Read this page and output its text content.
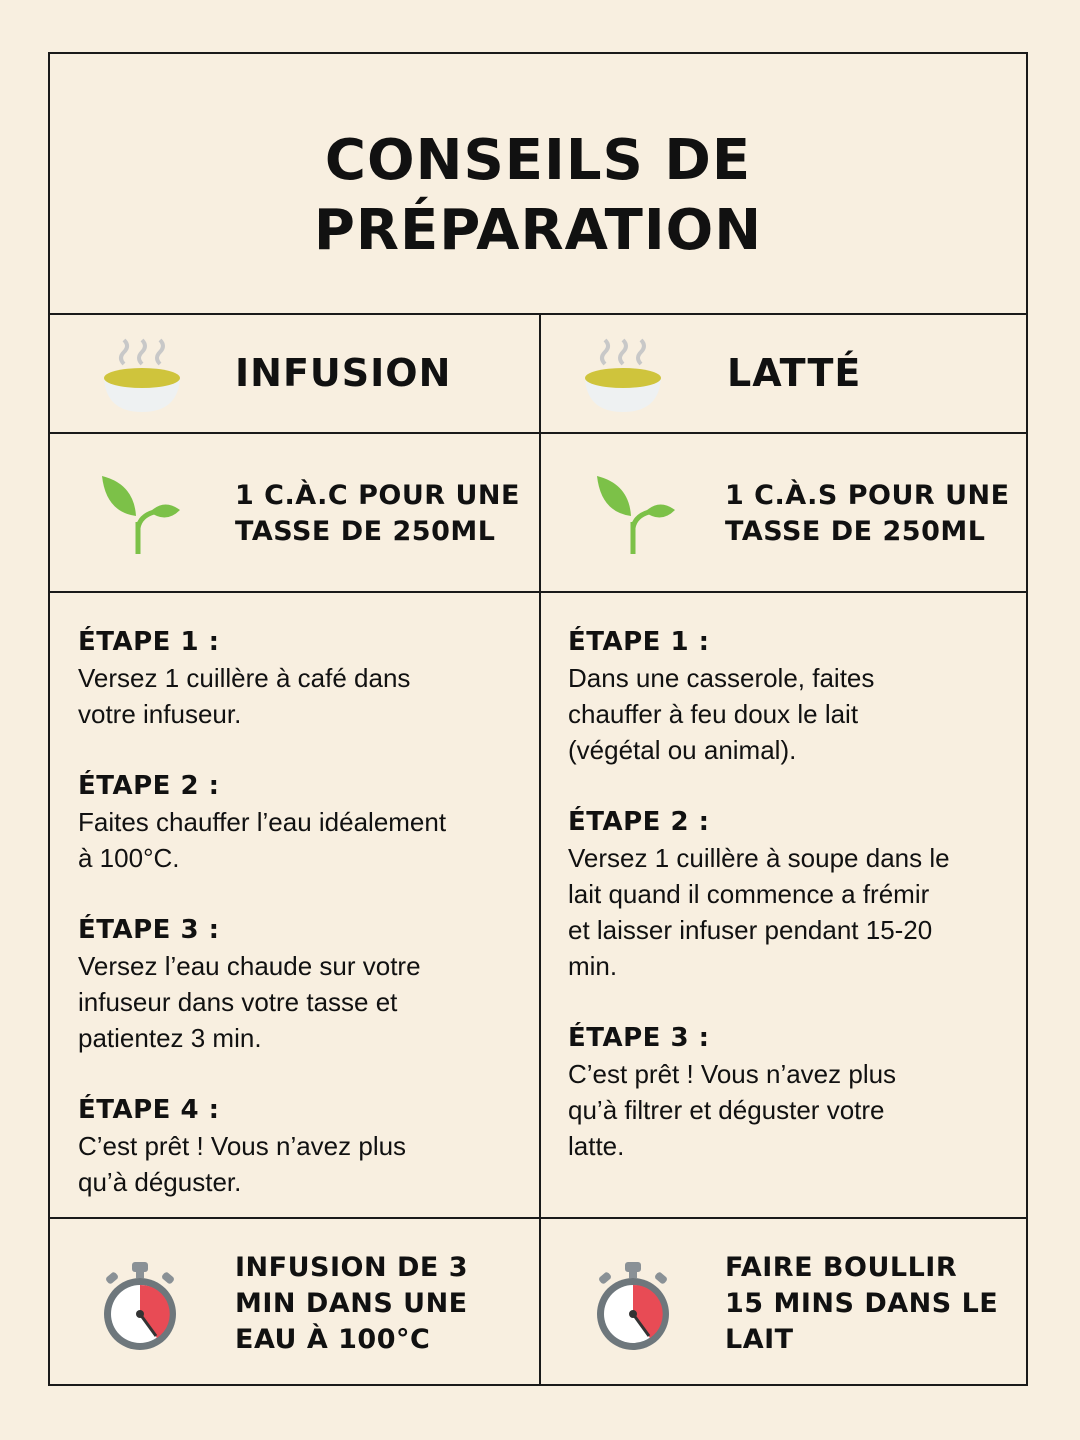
CONSEILS DE
PRÉPARATION
INFUSION
1 C.À.C POUR UNE
TASSE DE 250ML
ÉTAPE 1 :
Versez 1 cuillère à café dans
votre infuseur.
ÉTAPE 2 :
Faites chauffer l’eau idéalement
à 100°C.
ÉTAPE 3 :
Versez l’eau chaude sur votre
infuseur dans votre tasse et
patientez 3 min.
ÉTAPE 4 :
C’est prêt ! Vous n’avez plus
qu’à déguster.
INFUSION DE 3
MIN DANS UNE
EAU À 100°C
LATTÉ
1 C.À.S POUR UNE
TASSE DE 250ML
ÉTAPE 1 :
Dans une casserole, faites
chauffer à feu doux le lait
(végétal ou animal).
ÉTAPE 2 :
Versez 1 cuillère à soupe dans le
lait quand il commence a frémir
et laisser infuser pendant 15-20
min.
ÉTAPE 3 :
C’est prêt ! Vous n’avez plus
qu’à filtrer et déguster votre
latte.
FAIRE BOULLIR
15 MINS DANS LE
LAIT
